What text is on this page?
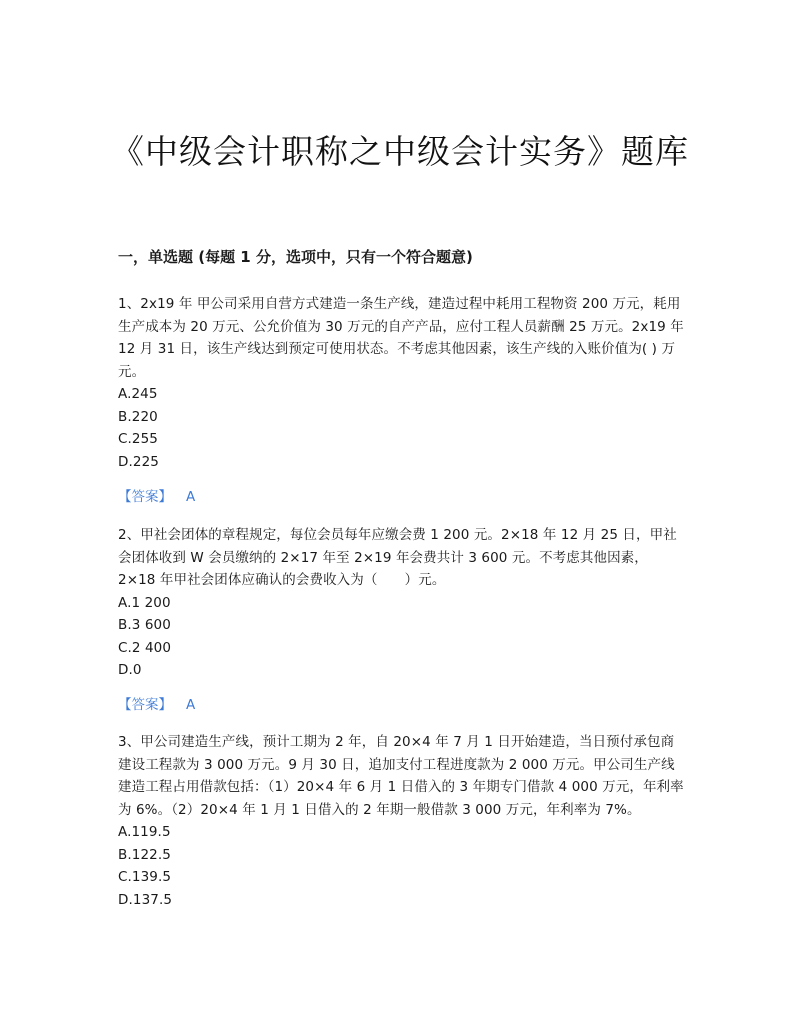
《中级会计职称之中级会计实务》题库
一，单选题 (每题 1 分，选项中，只有一个符合题意)

1、2x19 年 甲公司采用自营方式建造一条生产线，建造过程中耗用工程物资 200 万元，耗用生产成本为 20 万元、公允价值为 30 万元的自产产品，应付工程人员薪酬 25 万元。2x19 年 12 月 31 日，该生产线达到预定可使用状态。不考虑其他因素，该生产线的入账价值为( ) 万元。

A.245
B.220
C.255
D.225
【答案】 A

2、甲社会团体的章程规定，每位会员每年应缴会费 1 200 元。2×18 年 12 月 25 日，甲社会团体收到 W 会员缴纳的 2×17 年至 2×19 年会费共计 3 600 元。不考虑其他因素，2×18 年甲社会团体应确认的会费收入为（　　）元。

A.1 200
B.3 600
C.2 400
D.0
【答案】 A

3、甲公司建造生产线，预计工期为 2 年，自 20×4 年 7 月 1 日开始建造，当日预付承包商建设工程款为 3 000 万元。9 月 30 日，追加支付工程进度款为 2 000 万元。甲公司生产线建造工程占用借款包括：（1）20×4 年 6 月 1 日借入的 3 年期专门借款 4 000 万元，年利率为 6%。（2）20×4 年 1 月 1 日借入的 2 年期一般借款 3 000 万元，年利率为 7%。

A.119.5
B.122.5
C.139.5
D.137.5
